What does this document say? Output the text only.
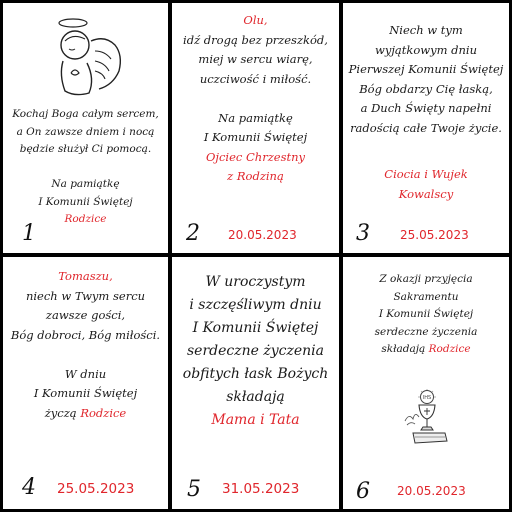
Kochaj Boga całym sercem,
a On zawsze dniem i nocą
będzie służył Ci pomocą.

Na pamiątkę
I Komunii Świętej
Rodzice
1
Olu,
idź drogą bez przeszkód,
miej w sercu wiarę,
uczciwość i miłość.

Na pamiątkę
I Komunii Świętej
Ojciec Chrzestny
z Rodziną
2 20.05.2023
Niech w tym
wyjątkowym dniu
Pierwszej Komunii Świętej
Bóg obdarzy Cię łaską,
a Duch Święty napełni
radością całe Twoje życie.
Ciocia i Wujek
Kowalscy
3	25.05.2023
Tomaszu,
niech w Twym sercu
zawsze gości,
Bóg dobroci, Bóg miłości.

W dniu
I Komunii Świętej
życzą Rodzice
4 25.05.2023
W uroczystym
i szczęśliwym dniu
I Komunii Świętej
serdeczne życzenia
obfitych łask Bożych
składają
Mama i Tata
5 31.05.2023
Z okazji przyjęcia
Sakramentu
I Komunii Świętej
serdeczne życzenia
składają Rodzice
IHS
6 20.05.2023
